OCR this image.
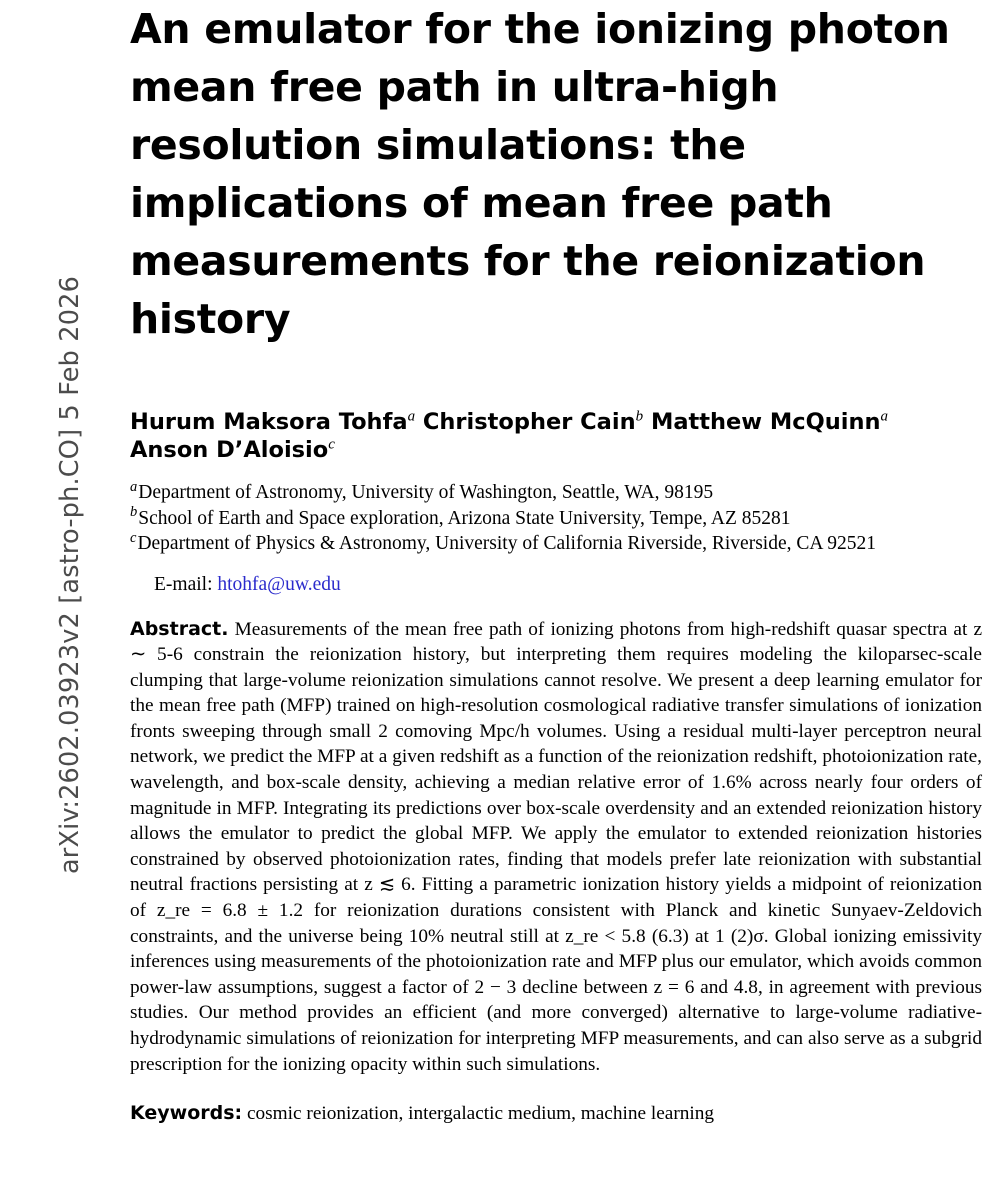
arXiv:2602.03923v2 [astro-ph.CO] 5 Feb 2026
An emulator for the ionizing photon mean free path in ultra-high resolution simulations: the implications of mean free path measurements for the reionization history
Hurum Maksora Tohfa$^a$ Christopher Cain$^b$ Matthew McQuinn$^a$
Anson D’Aloisio$^c$
$^a$Department of Astronomy, University of Washington, Seattle, WA, 98195
$^b$School of Earth and Space exploration, Arizona State University, Tempe, AZ 85281
$^c$Department of Physics & Astronomy, University of California Riverside, Riverside, CA 92521
E-mail: htohfa@uw.edu
Abstract. Measurements of the mean free path of ionizing photons from high-redshift quasar spectra at z ∼ 5-6 constrain the reionization history, but interpreting them requires modeling the kiloparsec-scale clumping that large-volume reionization simulations cannot resolve. We present a deep learning emulator for the mean free path (MFP) trained on high-resolution cosmological radiative transfer simulations of ionization fronts sweeping through small 2 comoving Mpc/h volumes. Using a residual multi-layer perceptron neural network, we predict the MFP at a given redshift as a function of the reionization redshift, photoionization rate, wavelength, and box-scale density, achieving a median relative error of 1.6% across nearly four orders of magnitude in MFP. Integrating its predictions over box-scale overdensity and an extended reionization history allows the emulator to predict the global MFP. We apply the emulator to extended reionization histories constrained by observed photoionization rates, finding that models prefer late reionization with substantial neutral fractions persisting at z ≲ 6. Fitting a parametric ionization history yields a midpoint of reionization of z_re = 6.8 ± 1.2 for reionization durations consistent with Planck and kinetic Sunyaev-Zeldovich constraints, and the universe being 10% neutral still at z_re < 5.8 (6.3) at 1 (2)σ. Global ionizing emissivity inferences using measurements of the photoionization rate and MFP plus our emulator, which avoids common power-law assumptions, suggest a factor of 2 − 3 decline between z = 6 and 4.8, in agreement with previous studies. Our method provides an efficient (and more converged) alternative to large-volume radiative-hydrodynamic simulations of reionization for interpreting MFP measurements, and can also serve as a subgrid prescription for the ionizing opacity within such simulations.
Keywords: cosmic reionization, intergalactic medium, machine learning
